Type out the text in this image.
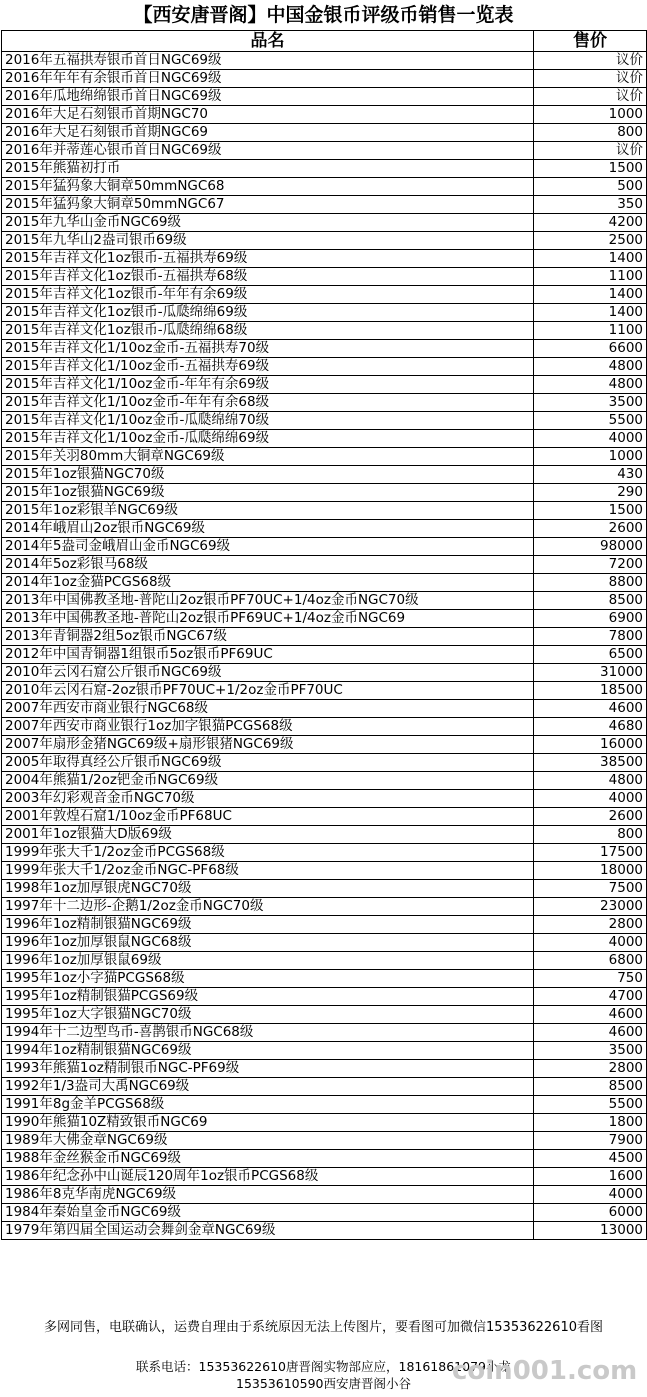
【西安唐晋阁】中国金银币评级币销售一览表
品名	售价
2016年五福拱寿银币首日NGC69级	议价
2016年年年有余银币首日NGC69级	议价
2016年瓜地绵绵银币首日NGC69级	议价
2016年大足石刻银币首期NGC70	1000
2016年大足石刻银币首期NGC69	800
2016年并蒂莲心银币首日NGC69级	议价
2015年熊猫初打币	1500
2015年猛犸象大铜章50mmNGC68	500
2015年猛犸象大铜章50mmNGC67	350
2015年九华山金币NGC69级	4200
2015年九华山2盎司银币69级	2500
2015年吉祥文化1oz银币-五福拱寿69级	1400
2015年吉祥文化1oz银币-五福拱寿68级	1100
2015年吉祥文化1oz银币-年年有余69级	1400
2015年吉祥文化1oz银币-瓜瓞绵绵69级	1400
2015年吉祥文化1oz银币-瓜瓞绵绵68级	1100
2015年吉祥文化1/10oz金币-五福拱寿70级	6600
2015年吉祥文化1/10oz金币-五福拱寿69级	4800
2015年吉祥文化1/10oz金币-年年有余69级	4800
2015年吉祥文化1/10oz金币-年年有余68级	3500
2015年吉祥文化1/10oz金币-瓜瓞绵绵70级	5500
2015年吉祥文化1/10oz金币-瓜瓞绵绵69级	4000
2015年关羽80mm大铜章NGC69级	1000
2015年1oz银猫NGC70级	430
2015年1oz银猫NGC69级	290
2015年1oz彩银羊NGC69级	1500
2014年峨眉山2oz银币NGC69级	2600
2014年5盎司金峨眉山金币NGC69级	98000
2014年5oz彩银马68级	7200
2014年1oz金猫PCGS68级	8800
2013年中国佛教圣地-普陀山2oz银币PF70UC+1/4oz金币NGC70级	8500
2013年中国佛教圣地-普陀山2oz银币PF69UC+1/4oz金币NGC69	6900
2013年青铜器2组5oz银币NGC67级	7800
2012年中国青铜器1组银币5oz银币PF69UC	6500
2010年云冈石窟公斤银币NGC69级	31000
2010年云冈石窟-2oz银币PF70UC+1/2oz金币PF70UC	18500
2007年西安市商业银行NGC68级	4600
2007年西安市商业银行1oz加字银猫PCGS68级	4680
2007年扇形金猪NGC69级+扇形银猪NGC69级	16000
2005年取得真经公斤银币NGC69级	38500
2004年熊猫1/2oz钯金币NGC69级	4800
2003年幻彩观音金币NGC70级	4000
2001年敦煌石窟1/10oz金币PF68UC	2600
2001年1oz银猫大D版69级	800
1999年张大千1/2oz金币PCGS68级	17500
1999年张大千1/2oz金币NGC-PF68级	18000
1998年1oz加厚银虎NGC70级	7500
1997年十二边形-企鹅1/2oz金币NGC70级	23000
1996年1oz精制银猫NGC69级	2800
1996年1oz加厚银鼠NGC68级	4000
1996年1oz加厚银鼠69级	6800
1995年1oz小字猫PCGS68级	750
1995年1oz精制银猫PCGS69级	4700
1995年1oz大字银猫NGC70级	4600
1994年十二边型鸟币-喜鹊银币NGC68级	4600
1994年1oz精制银猫NGC69级	3500
1993年熊猫1oz精制银币NGC-PF69级	2800
1992年1/3盎司大禹NGC69级	8500
1991年8g金羊PCGS68级	5500
1990年熊猫10Z精致银币NGC69	1800
1989年大佛金章NGC69级	7900
1988年金丝猴金币NGC69级	4500
1986年纪念孙中山诞辰120周年1oz银币PCGS68级	1600
1986年8克华南虎NGC69级	4000
1984年秦始皇金币NGC69级	6000
1979年第四届全国运动会舞剑金章NGC69级	13000
多网同售，电联确认，运费自理由于系统原因无法上传图片，要看图可加微信15353622610看图
联系电话：15353622610唐晋阁实物部应应，18161861079小龙
15353610590西安唐晋阁小谷	coin001.com
